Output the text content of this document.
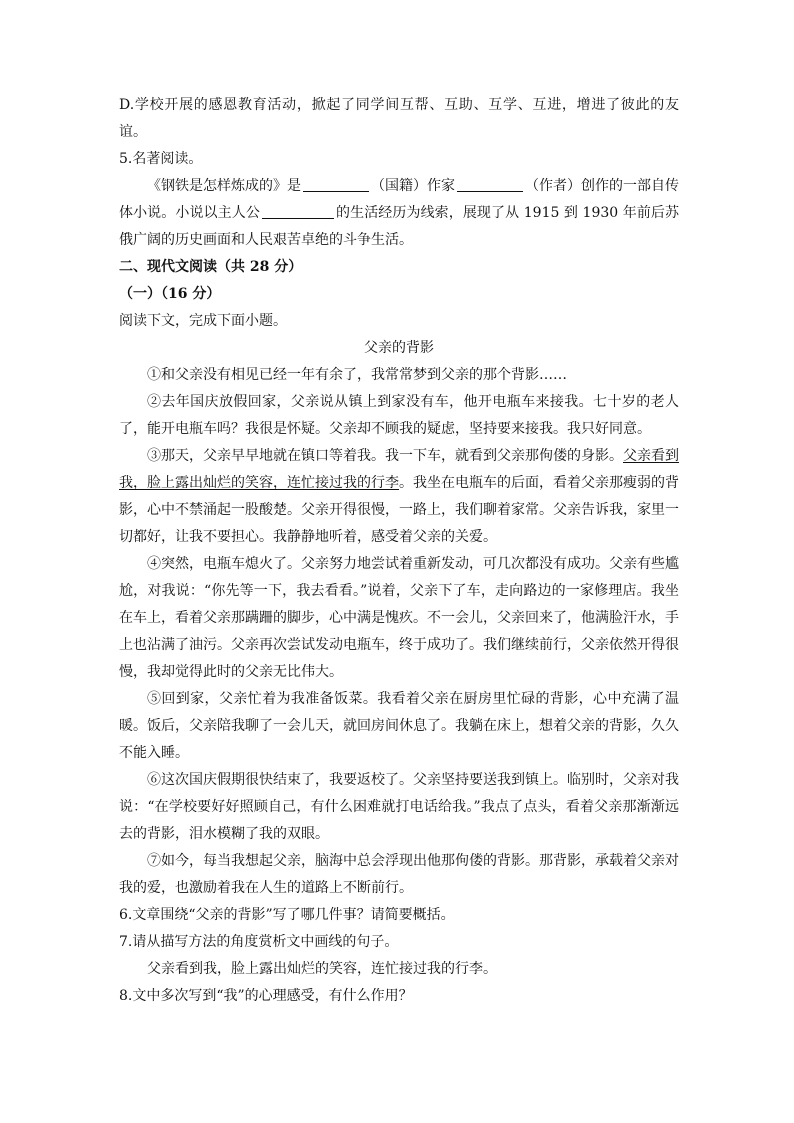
D.学校开展的感恩教育活动，掀起了同学间互帮、互助、互学、互进，增进了彼此的友谊。

5.名著阅读。

《钢铁是怎样炼成的》是	（国籍）作家	（作者）创作的一部自传体小说。小说以主人公	的生活经历为线索，展现了从 1915 到 1930 年前后苏俄广阔的历史画面和人民艰苦卓绝的斗争生活。

二、现代文阅读（共 28 分）

（一）（16 分）

阅读下文，完成下面小题。

父亲的背影

①和父亲没有相见已经一年有余了，我常常梦到父亲的那个背影……

②去年国庆放假回家，父亲说从镇上到家没有车，他开电瓶车来接我。七十岁的老人了，能开电瓶车吗？我很是怀疑。父亲却不顾我的疑虑，坚持要来接我。我只好同意。

③那天，父亲早早地就在镇口等着我。我一下车，就看到父亲那佝偻的身影。父亲看到我，脸上露出灿烂的笑容，连忙接过我的行李。我坐在电瓶车的后面，看着父亲那瘦弱的背影，心中不禁涌起一股酸楚。父亲开得很慢，一路上，我们聊着家常。父亲告诉我，家里一切都好，让我不要担心。我静静地听着，感受着父亲的关爱。

④突然，电瓶车熄火了。父亲努力地尝试着重新发动，可几次都没有成功。父亲有些尴尬，对我说：“你先等一下，我去看看。”说着，父亲下了车，走向路边的一家修理店。我坐在车上，看着父亲那蹒跚的脚步，心中满是愧疚。不一会儿，父亲回来了，他满脸汗水，手上也沾满了油污。父亲再次尝试发动电瓶车，终于成功了。我们继续前行，父亲依然开得很慢，我却觉得此时的父亲无比伟大。

⑤回到家，父亲忙着为我准备饭菜。我看着父亲在厨房里忙碌的背影，心中充满了温暖。饭后，父亲陪我聊了一会儿天，就回房间休息了。我躺在床上，想着父亲的背影，久久不能入睡。

⑥这次国庆假期很快结束了，我要返校了。父亲坚持要送我到镇上。临别时，父亲对我说：“在学校要好好照顾自己，有什么困难就打电话给我。”我点了点头，看着父亲那渐渐远去的背影，泪水模糊了我的双眼。

⑦如今，每当我想起父亲，脑海中总会浮现出他那佝偻的背影。那背影，承载着父亲对我的爱，也激励着我在人生的道路上不断前行。

6.文章围绕“父亲的背影”写了哪几件事？请简要概括。

7.请从描写方法的角度赏析文中画线的句子。

父亲看到我，脸上露出灿烂的笑容，连忙接过我的行李。

8.文中多次写到“我”的心理感受，有什么作用？
